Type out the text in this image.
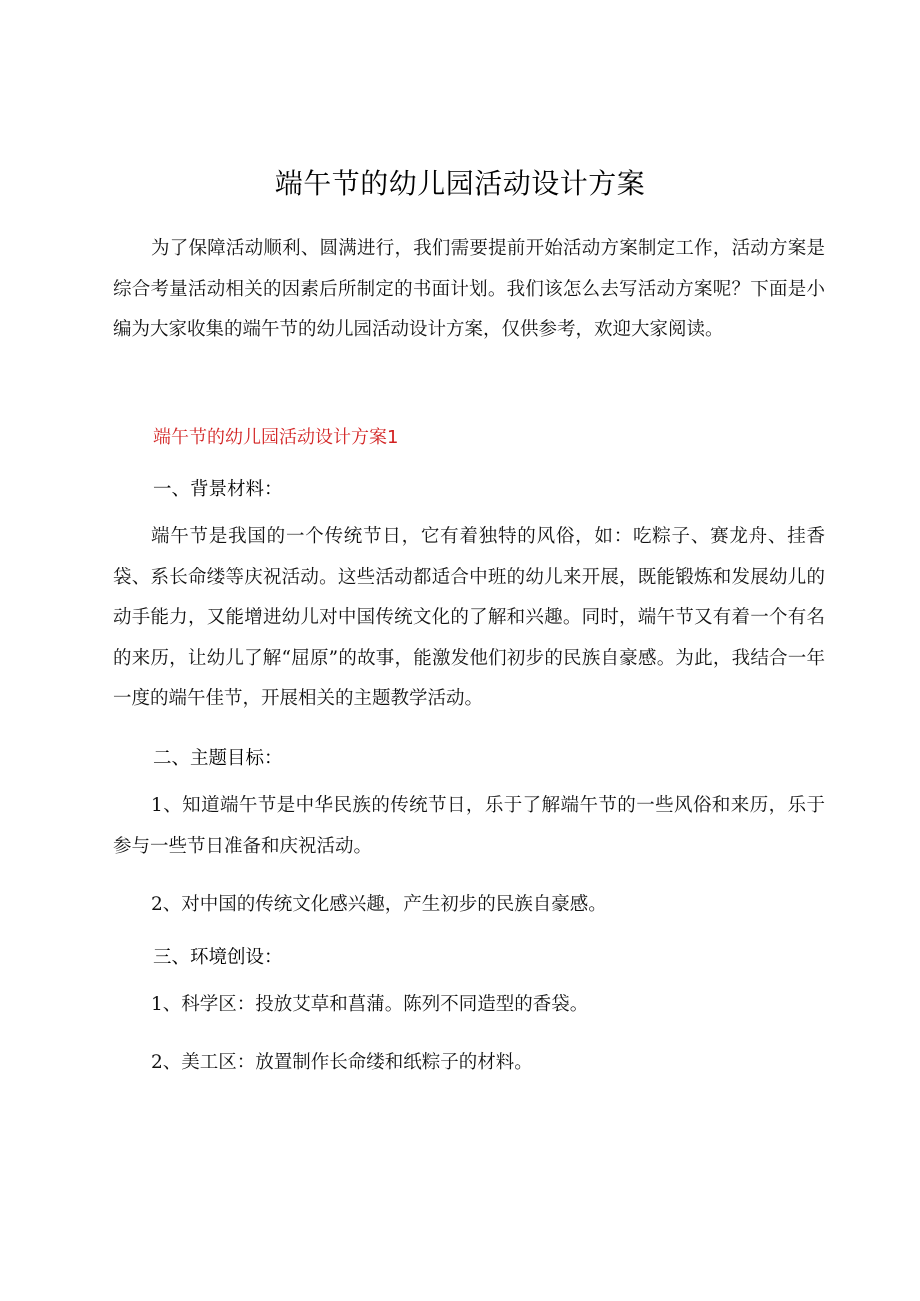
端午节的幼儿园活动设计方案

为了保障活动顺利、圆满进行，我们需要提前开始活动方案制定工作，活动方案是综合考量活动相关的因素后所制定的书面计划。我们该怎么去写活动方案呢？下面是小编为大家收集的端午节的幼儿园活动设计方案，仅供参考，欢迎大家阅读。

端午节的幼儿园活动设计方案1

一、背景材料：

端午节是我国的一个传统节日，它有着独特的风俗，如：吃粽子、赛龙舟、挂香袋、系长命缕等庆祝活动。这些活动都适合中班的幼儿来开展，既能锻炼和发展幼儿的动手能力，又能增进幼儿对中国传统文化的了解和兴趣。同时，端午节又有着一个有名的来历，让幼儿了解“屈原”的故事，能激发他们初步的民族自豪感。为此，我结合一年一度的端午佳节，开展相关的主题教学活动。

二、主题目标：

1、知道端午节是中华民族的传统节日，乐于了解端午节的一些风俗和来历，乐于参与一些节日准备和庆祝活动。

2、对中国的传统文化感兴趣，产生初步的民族自豪感。

三、环境创设：

1、科学区：投放艾草和菖蒲。陈列不同造型的香袋。

2、美工区：放置制作长命缕和纸粽子的材料。
